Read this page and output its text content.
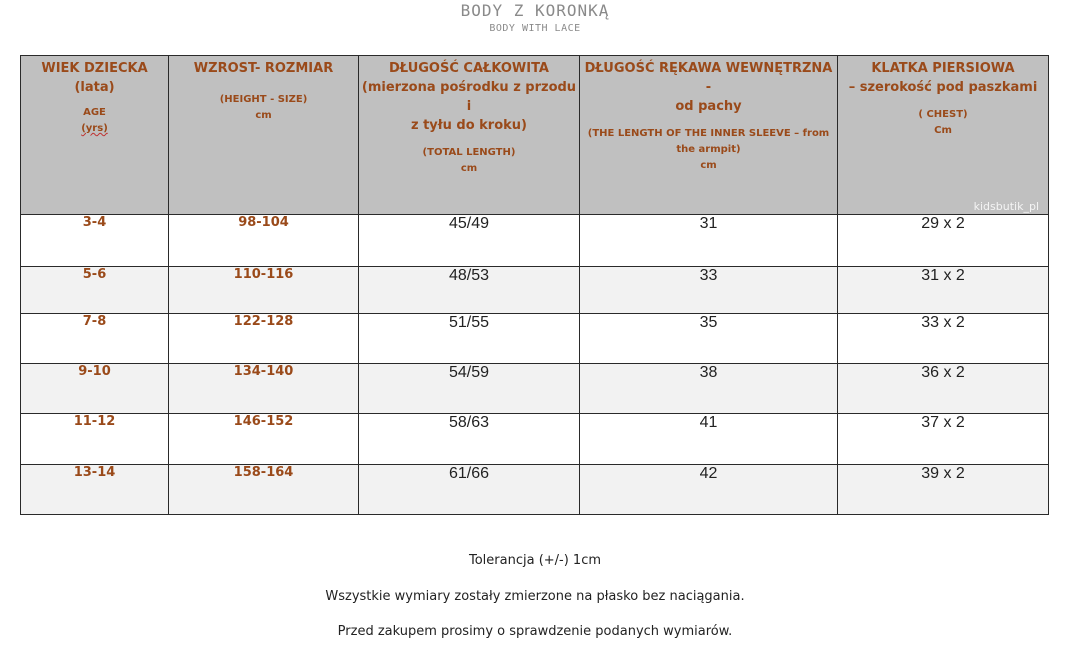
BODY Z KORONKĄ
BODY WITH LACE
WIEK DZIECKA
(lata)
AGE
(yrs)	WZROST- ROZMIAR
(HEIGHT - SIZE)
cm	DŁUGOŚĆ CAŁKOWITA
(mierzona pośrodku z przodu i
z tyłu do kroku)
(TOTAL LENGTH)
cm	DŁUGOŚĆ RĘKAWA WEWNĘTRZNA -
od pachy
(THE LENGTH OF THE INNER SLEEVE – from
the armpit)
cm	KLATKA PIERSIOWA
– szerokość pod paszkami
( CHEST)
Cm
kidsbutik_pl

3-4	98-104	45/49	31	29 x 2
5-6	110-116	48/53	33	31 x 2
7-8	122-128	51/55	35	33 x 2
9-10	134-140	54/59	38	36 x 2
11-12	146-152	58/63	41	37 x 2
13-14	158-164	61/66	42	39 x 2
Tolerancja (+/-) 1cm
Wszystkie wymiary zostały zmierzone na płasko bez naciągania.
Przed zakupem prosimy o sprawdzenie podanych wymiarów.
